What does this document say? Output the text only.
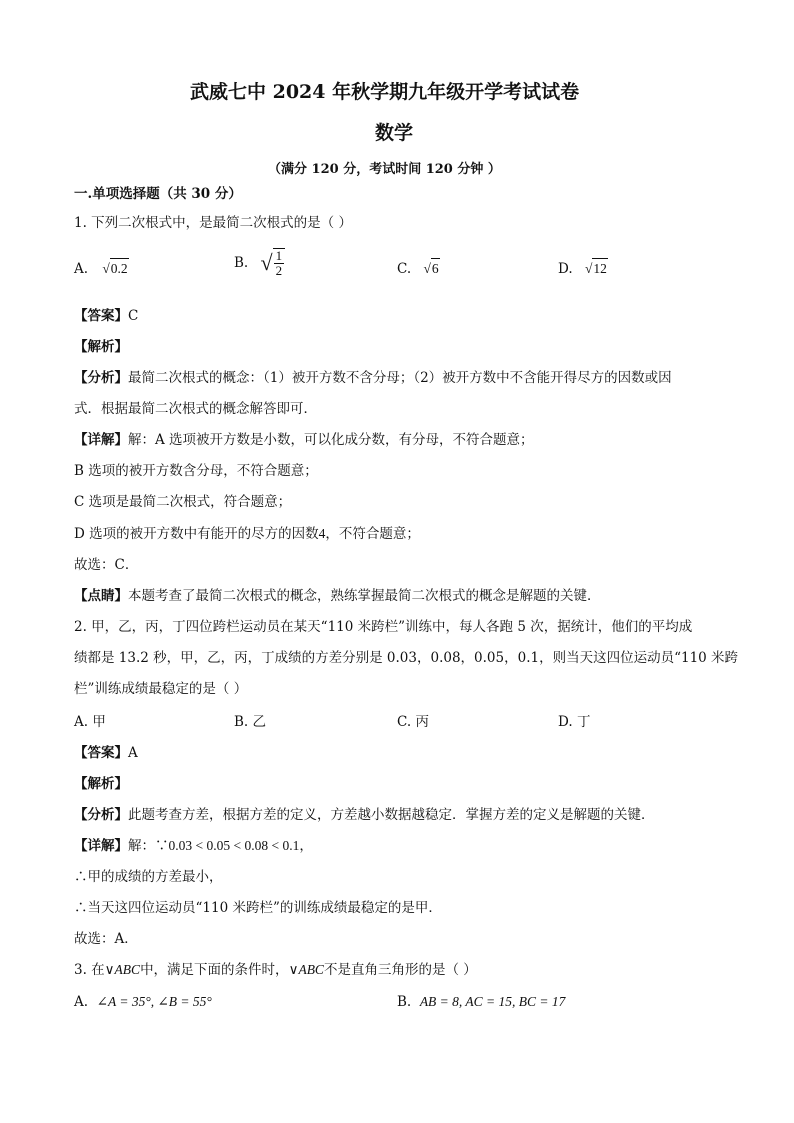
武威七中 2024 年秋学期九年级开学考试试卷
数学
（满分 120 分，考试时间 120 分钟 ）
一.单项选择题（共 30 分）
1. 下列二次根式中，是最简二次根式的是（ ）
A. √0.2	B. √ $\frac{1}{2}$	C. √6	D. √12
【答案】C
【解析】
【分析】最简二次根式的概念：（1）被开方数不含分母；（2）被开方数中不含能开得尽方的因数或因
式．根据最简二次根式的概念解答即可．
【详解】解：A 选项被开方数是小数，可以化成分数，有分母，不符合题意；
B 选项的被开方数含分母，不符合题意；
C 选项是最简二次根式，符合题意；
D 选项的被开方数中有能开的尽方的因数4，不符合题意；
故选：C．
【点睛】本题考查了最简二次根式的概念，熟练掌握最简二次根式的概念是解题的关键．
2. 甲，乙，丙，丁四位跨栏运动员在某天“110 米跨栏”训练中，每人各跑 5 次，据统计，他们的平均成
绩都是 13.2 秒，甲，乙，丙，丁成绩的方差分别是 0.03，0.08，0.05，0.1，则当天这四位运动员“110 米跨
栏”训练成绩最稳定的是（ ）
A. 甲	B. 乙	C. 丙	D. 丁
【答案】A
【解析】
【分析】此题考查方差，根据方差的定义，方差越小数据越稳定．掌握方差的定义是解题的关键．
【详解】解：∵0.03 < 0.05 < 0.08 < 0.1，
∴甲的成绩的方差最小，
∴当天这四位运动员“110 米跨栏”的训练成绩最稳定的是甲．
故选：A．
3. 在∨ABC中，满足下面的条件时，∨ABC不是直角三角形的是（ ）
A. ∠A = 35°, ∠B = 55°	B. AB = 8, AC = 15, BC = 17
